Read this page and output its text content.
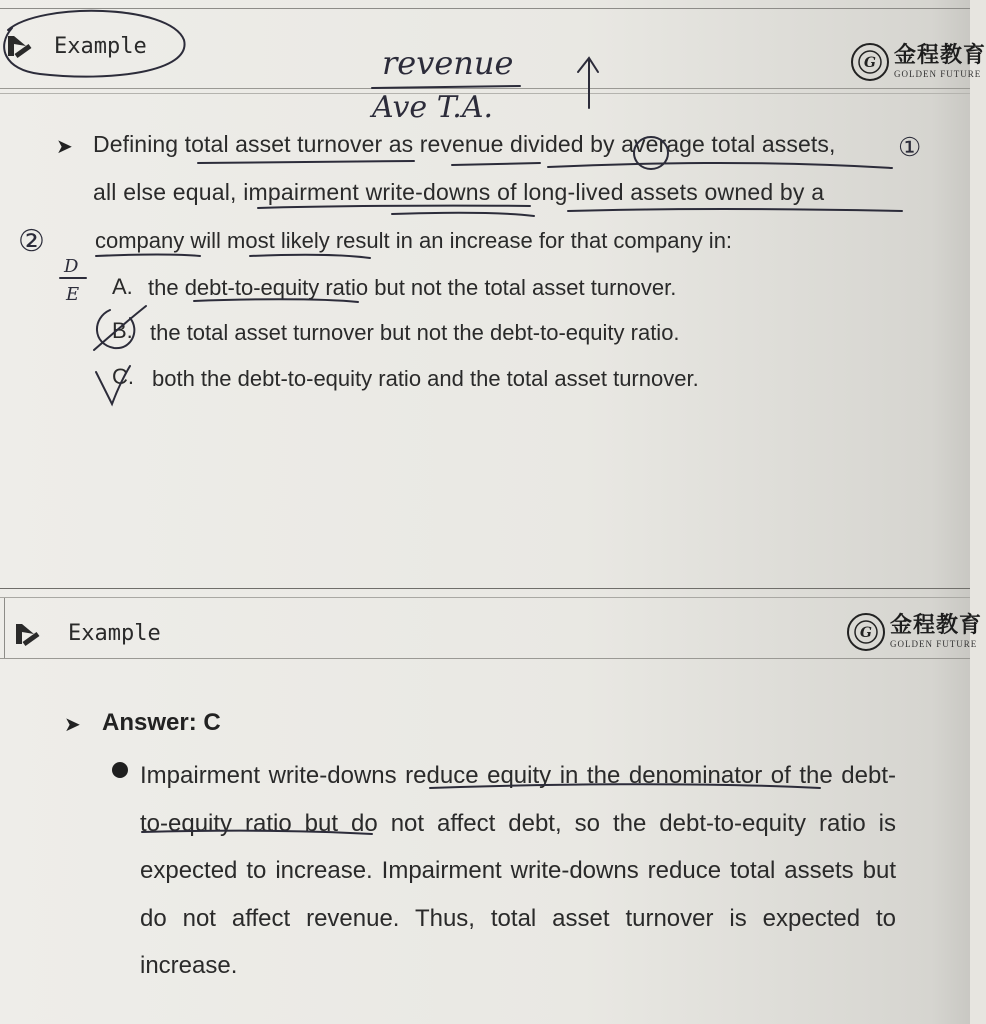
Example
G 金程教育
GOLDEN FUTURE
revenue
Ave T.A.
➤ Defining total asset turnover as revenue divided by average total assets,
all else equal, impairment write-downs of long-lived assets owned by a
company will most likely result in an increase for that company in:
A. the debt-to-equity ratio but not the total asset turnover.
B. the total asset turnover but not the debt-to-equity ratio.
C. both the debt-to-equity ratio and the total asset turnover.
①
②
D
E
Example	G 金程教育
GOLDEN FUTURE
➤ Answer: C
Impairment write-downs reduce equity in the denominator of the debt-to-equity ratio but do not affect debt, so the debt-to-equity ratio is expected to increase. Impairment write-downs reduce total assets but do not affect revenue. Thus, total asset turnover is expected to increase.
